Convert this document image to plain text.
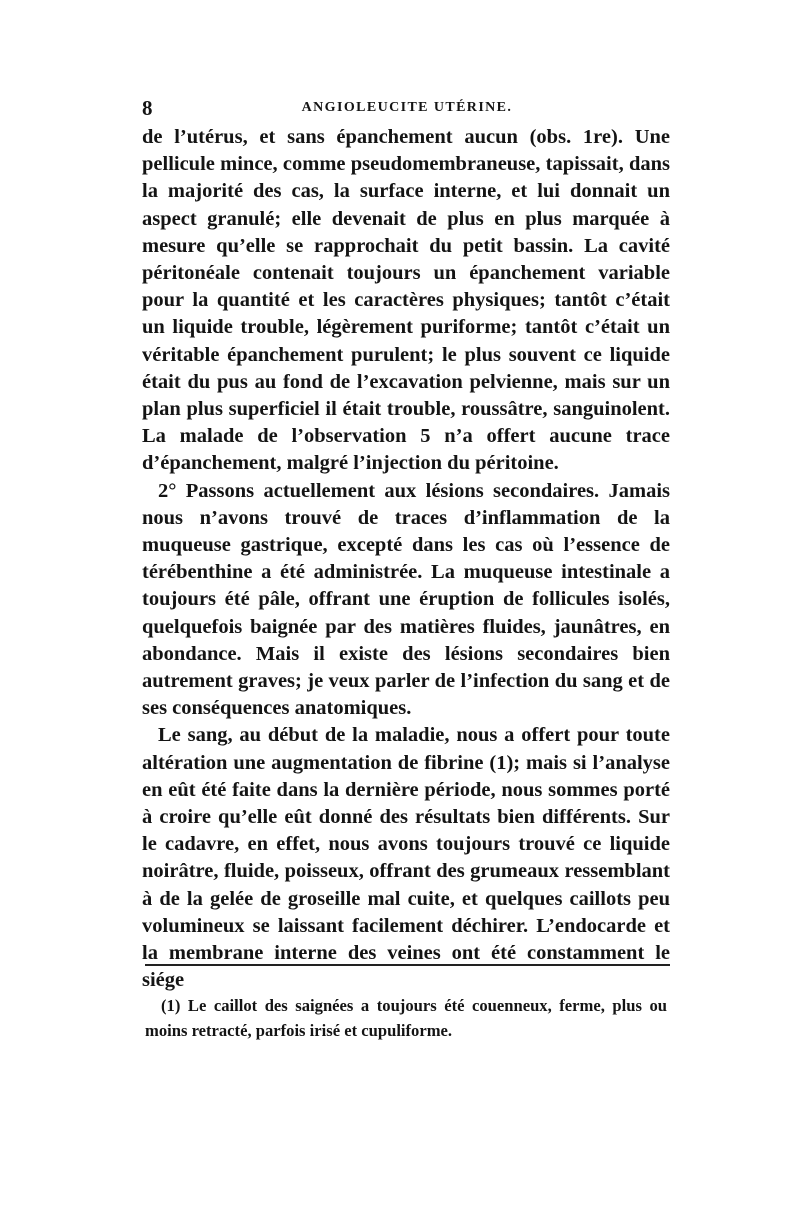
8	ANGIOLEUCITE UTÉRINE.

de l’utérus, et sans épanchement aucun (obs. 1re). Une pellicule mince, comme pseudomembraneuse, tapissait, dans la majorité des cas, la surface interne, et lui donnait un aspect granulé; elle devenait de plus en plus marquée à mesure qu’elle se rapprochait du petit bassin. La cavité péritonéale contenait toujours un épanchement variable pour la quantité et les caractères physiques; tantôt c’était un liquide trouble, légèrement puriforme; tantôt c’était un véritable épanchement purulent; le plus souvent ce liquide était du pus au fond de l’excavation pelvienne, mais sur un plan plus superficiel il était trouble, roussâtre, sanguinolent. La malade de l’observation 5 n’a offert aucune trace d’épanchement, malgré l’injection du péritoine.

2° Passons actuellement aux lésions secondaires. Jamais nous n’avons trouvé de traces d’inflammation de la muqueuse gastrique, excepté dans les cas où l’essence de térébenthine a été administrée. La muqueuse intestinale a toujours été pâle, offrant une éruption de follicules isolés, quelquefois baignée par des matières fluides, jaunâtres, en abondance. Mais il existe des lésions secondaires bien autrement graves; je veux parler de l’infection du sang et de ses conséquences anatomiques.

Le sang, au début de la maladie, nous a offert pour toute altération une augmentation de fibrine (1); mais si l’analyse en eût été faite dans la dernière période, nous sommes porté à croire qu’elle eût donné des résultats bien différents. Sur le cadavre, en effet, nous avons toujours trouvé ce liquide noirâtre, fluide, poisseux, offrant des grumeaux ressemblant à de la gelée de groseille mal cuite, et quelques caillots peu volumineux se laissant facilement déchirer. L’endocarde et la membrane interne des veines ont été constamment le siége

(1) Le caillot des saignées a toujours été couenneux, ferme, plus ou moins retracté, parfois irisé et cupuliforme.
